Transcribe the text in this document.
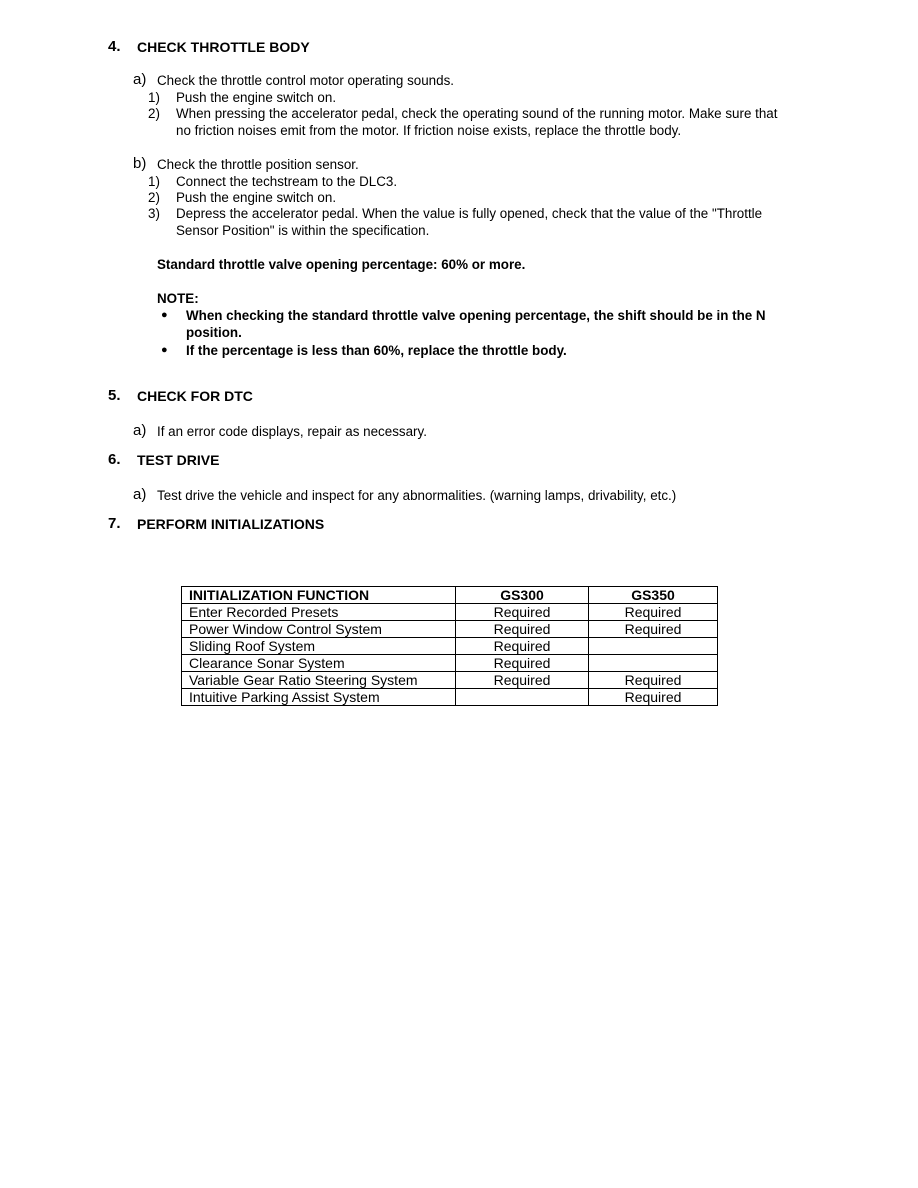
4. CHECK THROTTLE BODY
a) Check the throttle control motor operating sounds.
1) Push the engine switch on.
2) When pressing the accelerator pedal, check the operating sound of the running motor. Make sure that
no friction noises emit from the motor. If friction noise exists, replace the throttle body.
b) Check the throttle position sensor.
1) Connect the techstream to the DLC3.
2) Push the engine switch on.
3) Depress the accelerator pedal. When the value is fully opened, check that the value of the "Throttle
Sensor Position" is within the specification.
Standard throttle valve opening percentage: 60% or more.
NOTE:
● When checking the standard throttle valve opening percentage, the shift should be in the N
position.
● If the percentage is less than 60%, replace the throttle body.
5. CHECK FOR DTC
a) If an error code displays, repair as necessary.
6. TEST DRIVE
a) Test drive the vehicle and inspect for any abnormalities. (warning lamps, drivability, etc.)
7. PERFORM INITIALIZATIONS
INITIALIZATION FUNCTION	GS300	GS350
Enter Recorded Presets	Required	Required
Power Window Control System	Required	Required
Sliding Roof System	Required	
Clearance Sonar System	Required	
Variable Gear Ratio Steering System	Required	Required
Intuitive Parking Assist System		Required
